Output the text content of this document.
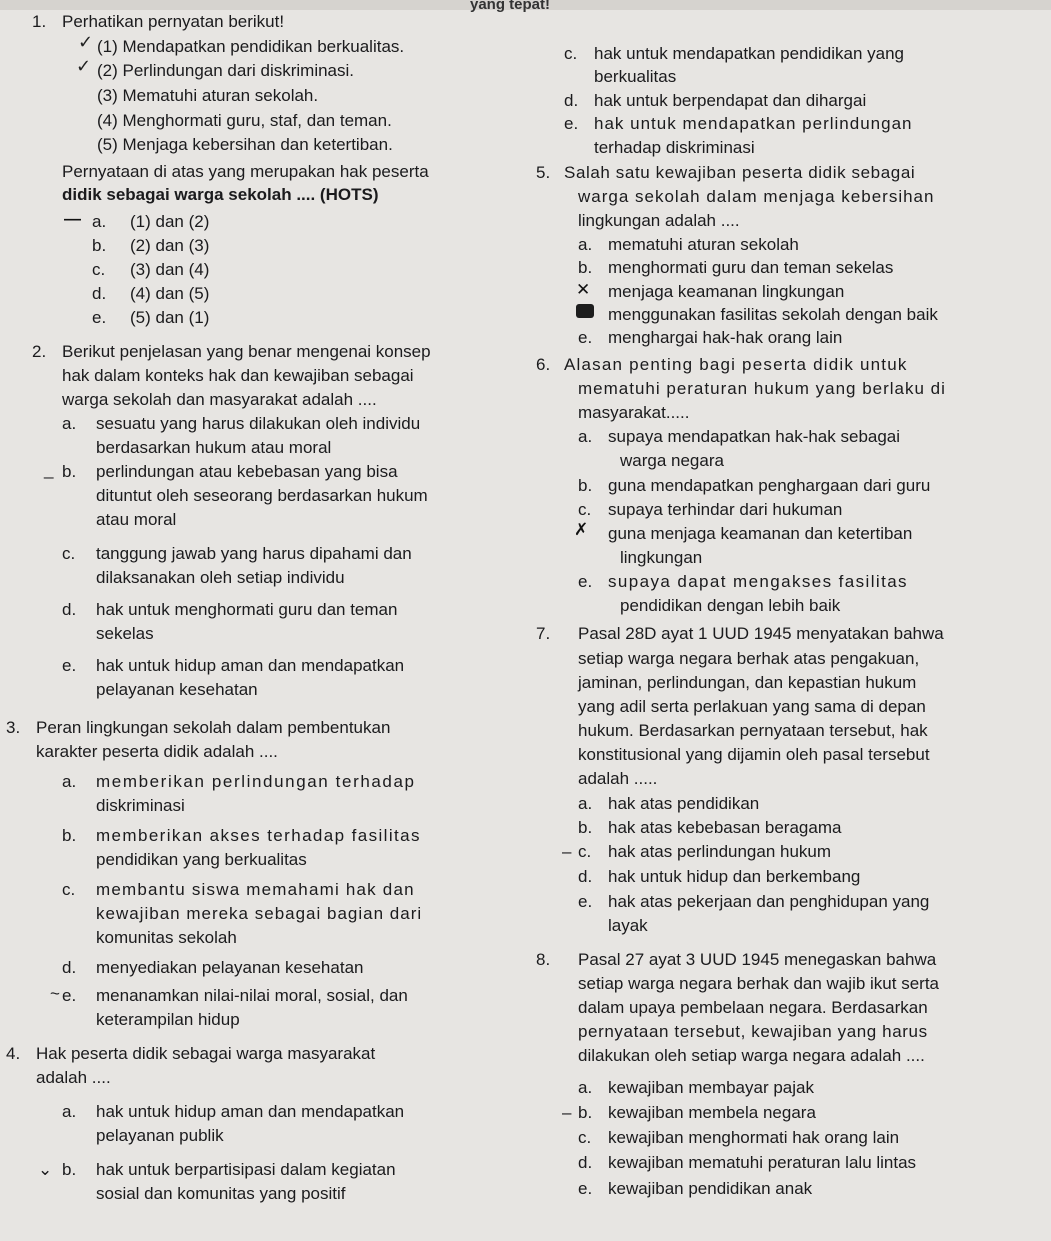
yang tepat!
1. Perhatikan pernyatan berikut!
✓ (1) Mendapatkan pendidikan berkualitas.
✓ (2) Perlindungan dari diskriminasi.
(3) Mematuhi aturan sekolah.
(4) Menghormati guru, staf, dan teman.
(5) Menjaga kebersihan dan ketertiban.
Pernyataan di atas yang merupakan hak peserta
didik sebagai warga sekolah .... (HOTS)
— a. (1) dan (2)
b. (2) dan (3)
c. (3) dan (4)
d. (4) dan (5)
e. (5) dan (1)
2. Berikut penjelasan yang benar mengenai konsep
hak dalam konteks hak dan kewajiban sebagai
warga sekolah dan masyarakat adalah ....
a. sesuatu yang harus dilakukan oleh individu
berdasarkan hukum atau moral
_ b. perlindungan atau kebebasan yang bisa
dituntut oleh seseorang berdasarkan hukum
atau moral
c. tanggung jawab yang harus dipahami dan
dilaksanakan oleh setiap individu
d. hak untuk menghormati guru dan teman
sekelas
e. hak untuk hidup aman dan mendapatkan
pelayanan kesehatan
3. Peran lingkungan sekolah dalam pembentukan
karakter peserta didik adalah ....
a. memberikan perlindungan terhadap
diskriminasi
b. memberikan akses terhadap fasilitas
pendidikan yang berkualitas
c. membantu siswa memahami hak dan
kewajiban mereka sebagai bagian dari
komunitas sekolah
d. menyediakan pelayanan kesehatan
~ e. menanamkan nilai-nilai moral, sosial, dan
keterampilan hidup
4. Hak peserta didik sebagai warga masyarakat
adalah ....
a. hak untuk hidup aman dan mendapatkan
pelayanan publik
⌄ b. hak untuk berpartisipasi dalam kegiatan
sosial dan komunitas yang positif
c. hak untuk mendapatkan pendidikan yang
berkualitas
d. hak untuk berpendapat dan dihargai
e. hak untuk mendapatkan perlindungan
terhadap diskriminasi
5. Salah satu kewajiban peserta didik sebagai
warga sekolah dalam menjaga kebersihan
lingkungan adalah ....
a. mematuhi aturan sekolah
b. menghormati guru dan teman sekelas
✕ menjaga keamanan lingkungan
menggunakan fasilitas sekolah dengan baik
e. menghargai hak-hak orang lain
6. Alasan penting bagi peserta didik untuk
mematuhi peraturan hukum yang berlaku di
masyarakat.....
a. supaya mendapatkan hak-hak sebagai
warga negara
b. guna mendapatkan penghargaan dari guru
c. supaya terhindar dari hukuman
✗ guna menjaga keamanan dan ketertiban
lingkungan
e. supaya dapat mengakses fasilitas
pendidikan dengan lebih baik
7. Pasal 28D ayat 1 UUD 1945 menyatakan bahwa
setiap warga negara berhak atas pengakuan,
jaminan, perlindungan, dan kepastian hukum
yang adil serta perlakuan yang sama di depan
hukum. Berdasarkan pernyataan tersebut, hak
konstitusional yang dijamin oleh pasal tersebut
adalah .....
a. hak atas pendidikan
b. hak atas kebebasan beragama
– c. hak atas perlindungan hukum
d. hak untuk hidup dan berkembang
e. hak atas pekerjaan dan penghidupan yang
layak
8. Pasal 27 ayat 3 UUD 1945 menegaskan bahwa
setiap warga negara berhak dan wajib ikut serta
dalam upaya pembelaan negara. Berdasarkan
pernyataan tersebut, kewajiban yang harus
dilakukan oleh setiap warga negara adalah ....
a. kewajiban membayar pajak
– b. kewajiban membela negara
c. kewajiban menghormati hak orang lain
d. kewajiban mematuhi peraturan lalu lintas
e. kewajiban pendidikan anak
